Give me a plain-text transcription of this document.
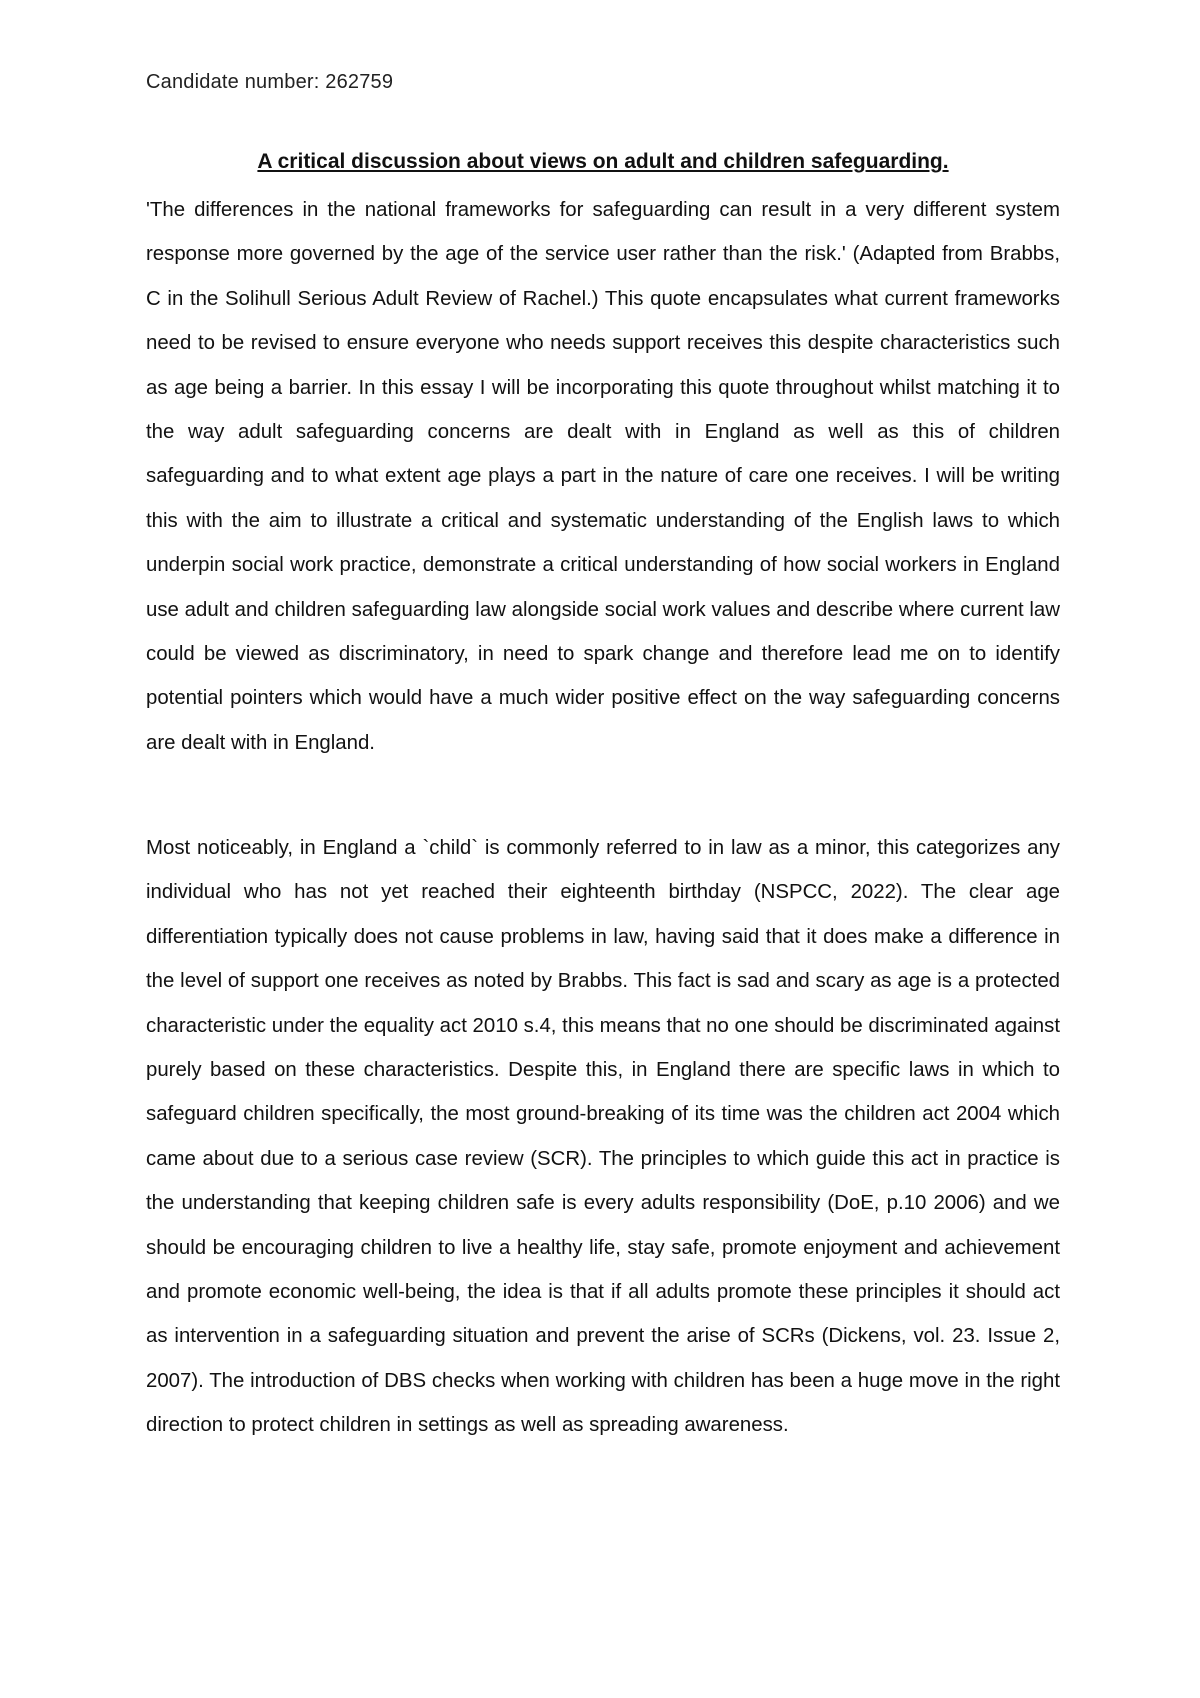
Candidate number: 262759
A critical discussion about views on adult and children safeguarding.

'The differences in the national frameworks for safeguarding can result in a very different system response more governed by the age of the service user rather than the risk.' (Adapted from Brabbs, C in the Solihull Serious Adult Review of Rachel.) This quote encapsulates what current frameworks need to be revised to ensure everyone who needs support receives this despite characteristics such as age being a barrier. In this essay I will be incorporating this quote throughout whilst matching it to the way adult safeguarding concerns are dealt with in England as well as this of children safeguarding and to what extent age plays a part in the nature of care one receives. I will be writing this with the aim to illustrate a critical and systematic understanding of the English laws to which underpin social work practice, demonstrate a critical understanding of how social workers in England use adult and children safeguarding law alongside social work values and describe where current law could be viewed as discriminatory, in need to spark change and therefore lead me on to identify potential pointers which would have a much wider positive effect on the way safeguarding concerns are dealt with in England.

Most noticeably, in England a `child` is commonly referred to in law as a minor, this categorizes any individual who has not yet reached their eighteenth birthday (NSPCC, 2022). The clear age differentiation typically does not cause problems in law, having said that it does make a difference in the level of support one receives as noted by Brabbs. This fact is sad and scary as age is a protected characteristic under the equality act 2010 s.4, this means that no one should be discriminated against purely based on these characteristics. Despite this, in England there are specific laws in which to safeguard children specifically, the most ground-breaking of its time was the children act 2004 which came about due to a serious case review (SCR). The principles to which guide this act in practice is the understanding that keeping children safe is every adults responsibility (DoE, p.10 2006) and we should be encouraging children to live a healthy life, stay safe, promote enjoyment and achievement and promote economic well-being, the idea is that if all adults promote these principles it should act as intervention in a safeguarding situation and prevent the arise of SCRs (Dickens, vol. 23. Issue 2, 2007). The introduction of DBS checks when working with children has been a huge move in the right direction to protect children in settings as well as spreading awareness.
